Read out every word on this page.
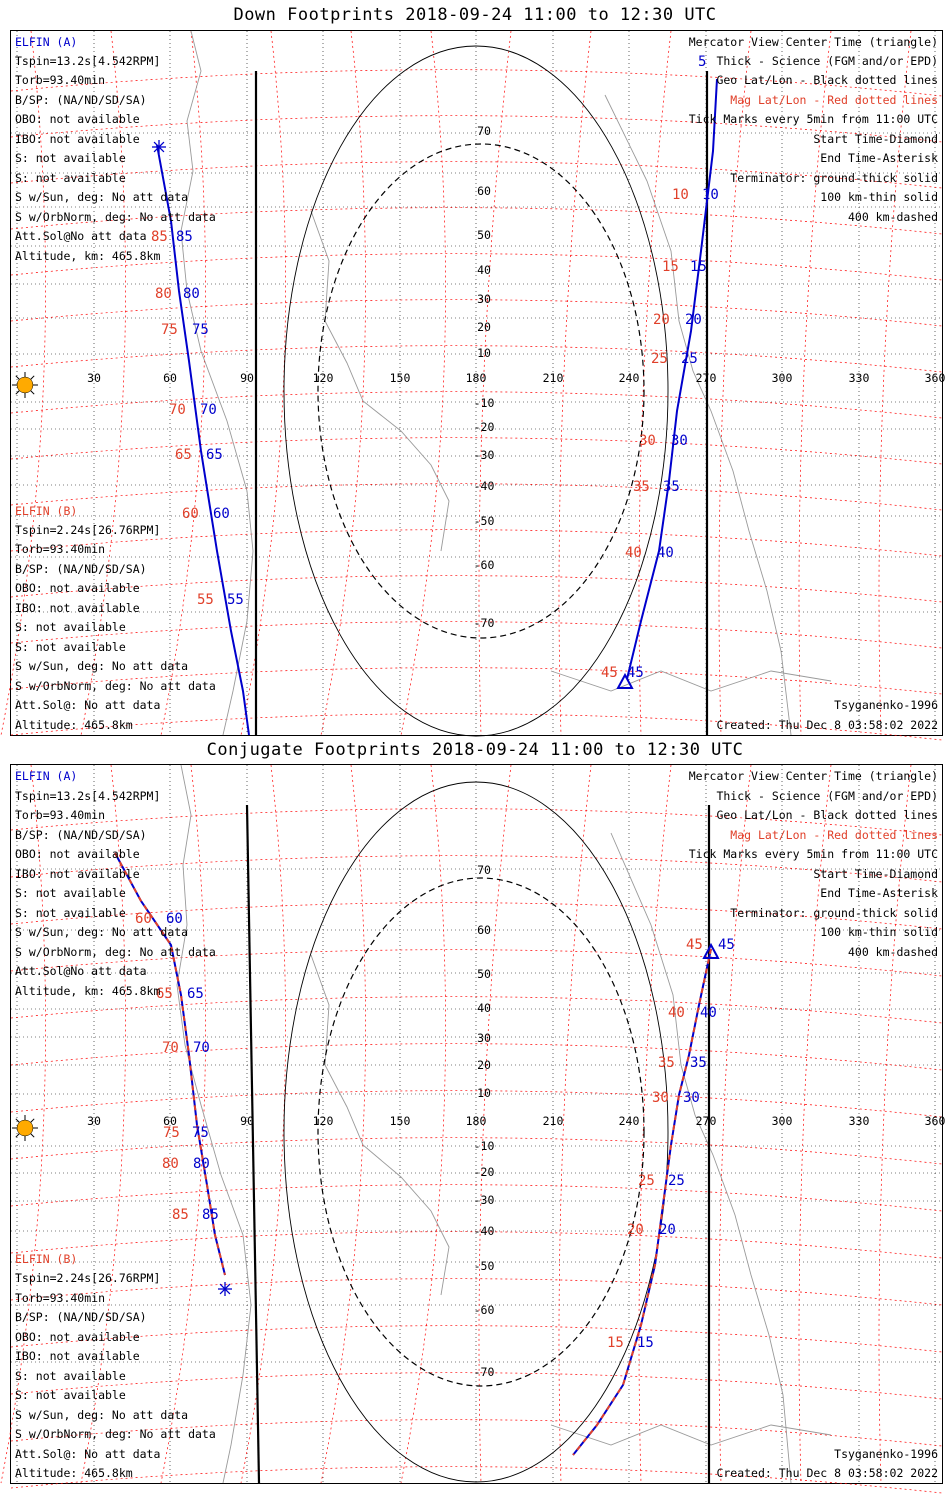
Down Footprints 2018-09-24 11:00 to 12:30 UTC
30	60	90	120	150	180	210	240	270	300	330	360
70
60
50
40
30
20
10
-10
-20
-30
-40
-50
-60
-70
85 85
80 80
75 75
70 70
65 65
60 60
55 55
5
10 10
15 15
20 20
25 25
30 30
35 35
40 40
45 45
ELFIN (A)
Tspin=13.2s[4.542RPM]
Torb=93.40min
B/SP: (NA/ND/SD/SA)
OBO: not available
IBO: not available
S: not available
S: not available
S w/Sun, deg: No att data
S w/OrbNorm, deg: No att data
Att.Sol@No att data
Altitude, km: 465.8km
ELFIN (B)
Tspin=2.24s[26.76RPM]
Torb=93.40min
B/SP: (NA/ND/SD/SA)
OBO: not available
IBO: not available
S: not available
S: not available
S w/Sun, deg: No att data
S w/OrbNorm, deg: No att data
Att.Sol@: No att data
Altitude: 465.8km
Mercator View Center Time (triangle)
Thick - Science (FGM and/or EPD)
Geo Lat/Lon - Black dotted lines
Mag Lat/Lon - Red dotted lines
Tick Marks every 5min from 11:00 UTC
Start Time-Diamond
End Time-Asterisk
Terminator: ground-thick solid
100 km-thin solid
400 km-dashed
Tsyganenko-1996
Created: Thu Dec 8 03:58:02 2022
Conjugate Footprints 2018-09-24 11:00 to 12:30 UTC
30	60	90	120	150	180	210	240	270	300	330	360
70
60
50
40
30
20
10
-10
-20
-30
-40
-50
-60
-70
60 60
65 65
70 70
75 75
80 80
85 85
45 45
40 40
35 35
30 30
25 25
20 20
15 15
ELFIN (A)
Tspin=13.2s[4.542RPM]
Torb=93.40min
B/SP: (NA/ND/SD/SA)
OBO: not available
IBO: not available
S: not available
S: not available
S w/Sun, deg: No att data
S w/OrbNorm, deg: No att data
Att.Sol@No att data
Altitude, km: 465.8km
ELFIN (B)
Tspin=2.24s[26.76RPM]
Torb=93.40min
B/SP: (NA/ND/SD/SA)
OBO: not available
IBO: not available
S: not available
S: not available
S w/Sun, deg: No att data
S w/OrbNorm, deg: No att data
Att.Sol@: No att data
Altitude: 465.8km
Mercator View Center Time (triangle)
Thick - Science (FGM and/or EPD)
Geo Lat/Lon - Black dotted lines
Mag Lat/Lon - Red dotted lines
Tick Marks every 5min from 11:00 UTC
Start Time-Diamond
End Time-Asterisk
Terminator: ground-thick solid
100 km-thin solid
400 km-dashed
Tsyganenko-1996
Created: Thu Dec 8 03:58:02 2022
